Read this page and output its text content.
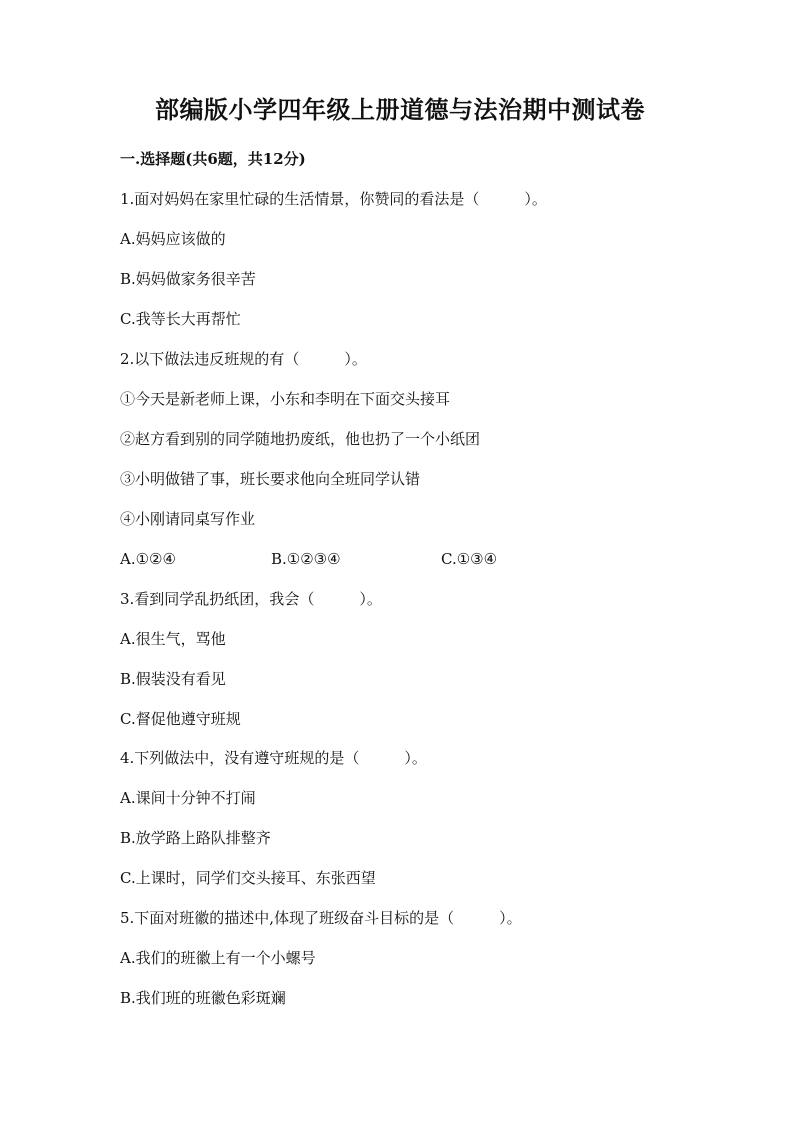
部编版小学四年级上册道德与法治期中测试卷
一.选择题(共6题，共12分)
1.面对妈妈在家里忙碌的生活情景，你赞同的看法是（　　　）。
A.妈妈应该做的
B.妈妈做家务很辛苦
C.我等长大再帮忙
2.以下做法违反班规的有（　　　）。
①今天是新老师上课，小东和李明在下面交头接耳
②赵方看到别的同学随地扔废纸，他也扔了一个小纸团
③小明做错了事，班长要求他向全班同学认错
④小刚请同桌写作业
A.①②④	B.①②③④	C.①③④
3.看到同学乱扔纸团，我会（　　　）。
A.很生气，骂他
B.假装没有看见
C.督促他遵守班规
4.下列做法中，没有遵守班规的是（　　　）。
A.课间十分钟不打闹
B.放学路上路队排整齐
C.上课时，同学们交头接耳、东张西望
5.下面对班徽的描述中,体现了班级奋斗目标的是（　　　）。
A.我们的班徽上有一个小螺号
B.我们班的班徽色彩斑斓
